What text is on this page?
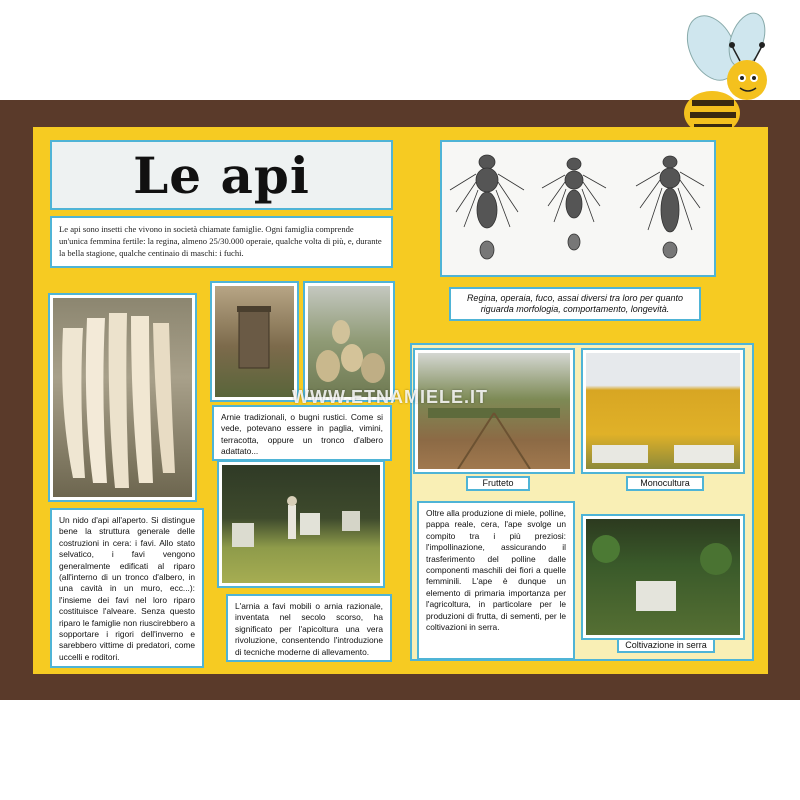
Le api
Le api sono insetti che vivono in società chiamate famiglie. Ogni famiglia comprende un'unica femmina fertile: la regina, almeno 25/30.000 operaie, qualche volta di più, e, durante la bella stagione, qualche centinaio di maschi: i fuchi.
Regina, operaia, fuco, assai diversi tra loro per quanto riguarda morfologia, comportamento, longevità.
Arnie tradizionali, o bugni rustici. Come si vede, potevano essere in paglia, vimini, terracotta, oppure un tronco d'albero adattato...
Un nido d'api all'aperto. Si distingue bene la struttura generale delle costruzioni in cera: i favi. Allo stato selvatico, i favi vengono generalmente edificati al riparo (all'interno di un tronco d'albero, in una cavità in un muro, ecc...): l'insieme dei favi nel loro riparo costituisce l'alveare. Senza questo riparo le famiglie non riuscirebbero a sopportare i rigori dell'inverno e sarebbero vittime di predatori, come uccelli e roditori.
L'arnia a favi mobili o arnia razionale, inventata nel secolo scorso, ha significato per l'apicoltura una vera rivoluzione, consentendo l'introduzione di tecniche moderne di allevamento.
Frutteto	Monocultura
Oltre alla produzione di miele, polline, pappa reale, cera, l'ape svolge un compito tra i più preziosi: l'impollinazione, assicurando il trasferimento del polline dalle componenti maschili dei fiori a quelle femminili. L'ape è dunque un elemento di primaria importanza per l'agricoltura, in particolare per le produzioni di frutta, di sementi, per le coltivazioni in serra.
Coltivazione in serra
WWW.ETNAMIELE.IT
